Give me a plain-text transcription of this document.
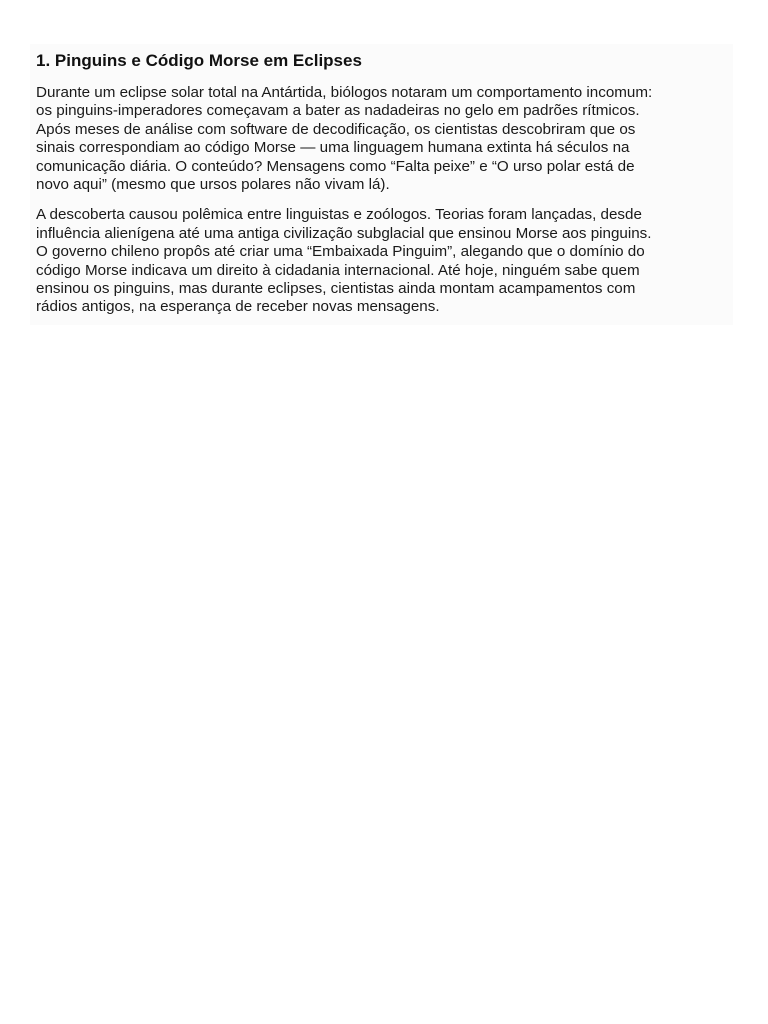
1. Pinguins e Código Morse em Eclipses
Durante um eclipse solar total na Antártida, biólogos notaram um comportamento incomum:
os pinguins-imperadores começavam a bater as nadadeiras no gelo em padrões rítmicos.
Após meses de análise com software de decodificação, os cientistas descobriram que os
sinais correspondiam ao código Morse — uma linguagem humana extinta há séculos na
comunicação diária. O conteúdo? Mensagens como “Falta peixe” e “O urso polar está de
novo aqui” (mesmo que ursos polares não vivam lá).
A descoberta causou polêmica entre linguistas e zoólogos. Teorias foram lançadas, desde
influência alienígena até uma antiga civilização subglacial que ensinou Morse aos pinguins.
O governo chileno propôs até criar uma “Embaixada Pinguim”, alegando que o domínio do
código Morse indicava um direito à cidadania internacional. Até hoje, ninguém sabe quem
ensinou os pinguins, mas durante eclipses, cientistas ainda montam acampamentos com
rádios antigos, na esperança de receber novas mensagens.
